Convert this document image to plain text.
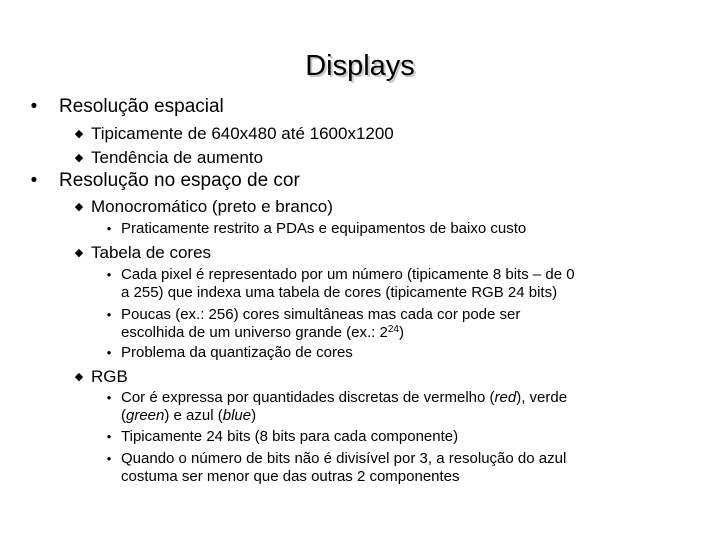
Displays
• Resolução espacial
◆ Tipicamente de 640x480 até 1600x1200
◆ Tendência de aumento
• Resolução no espaço de cor
◆ Monocromático (preto e branco)
• Praticamente restrito a PDAs e equipamentos de baixo custo
◆ Tabela de cores
• Cada pixel é representado por um número (tipicamente 8 bits – de 0
a 255) que indexa uma tabela de cores (tipicamente RGB 24 bits)
• Poucas (ex.: 256) cores simultâneas mas cada cor pode ser
escolhida de um universo grande (ex.: $2^{24}$)
• Problema da quantização de cores
◆ RGB
• Cor é expressa por quantidades discretas de vermelho (red), verde
(green) e azul (blue)
• Tipicamente 24 bits (8 bits para cada componente)
• Quando o número de bits não é divisível por 3, a resolução do azul
costuma ser menor que das outras 2 componentes
